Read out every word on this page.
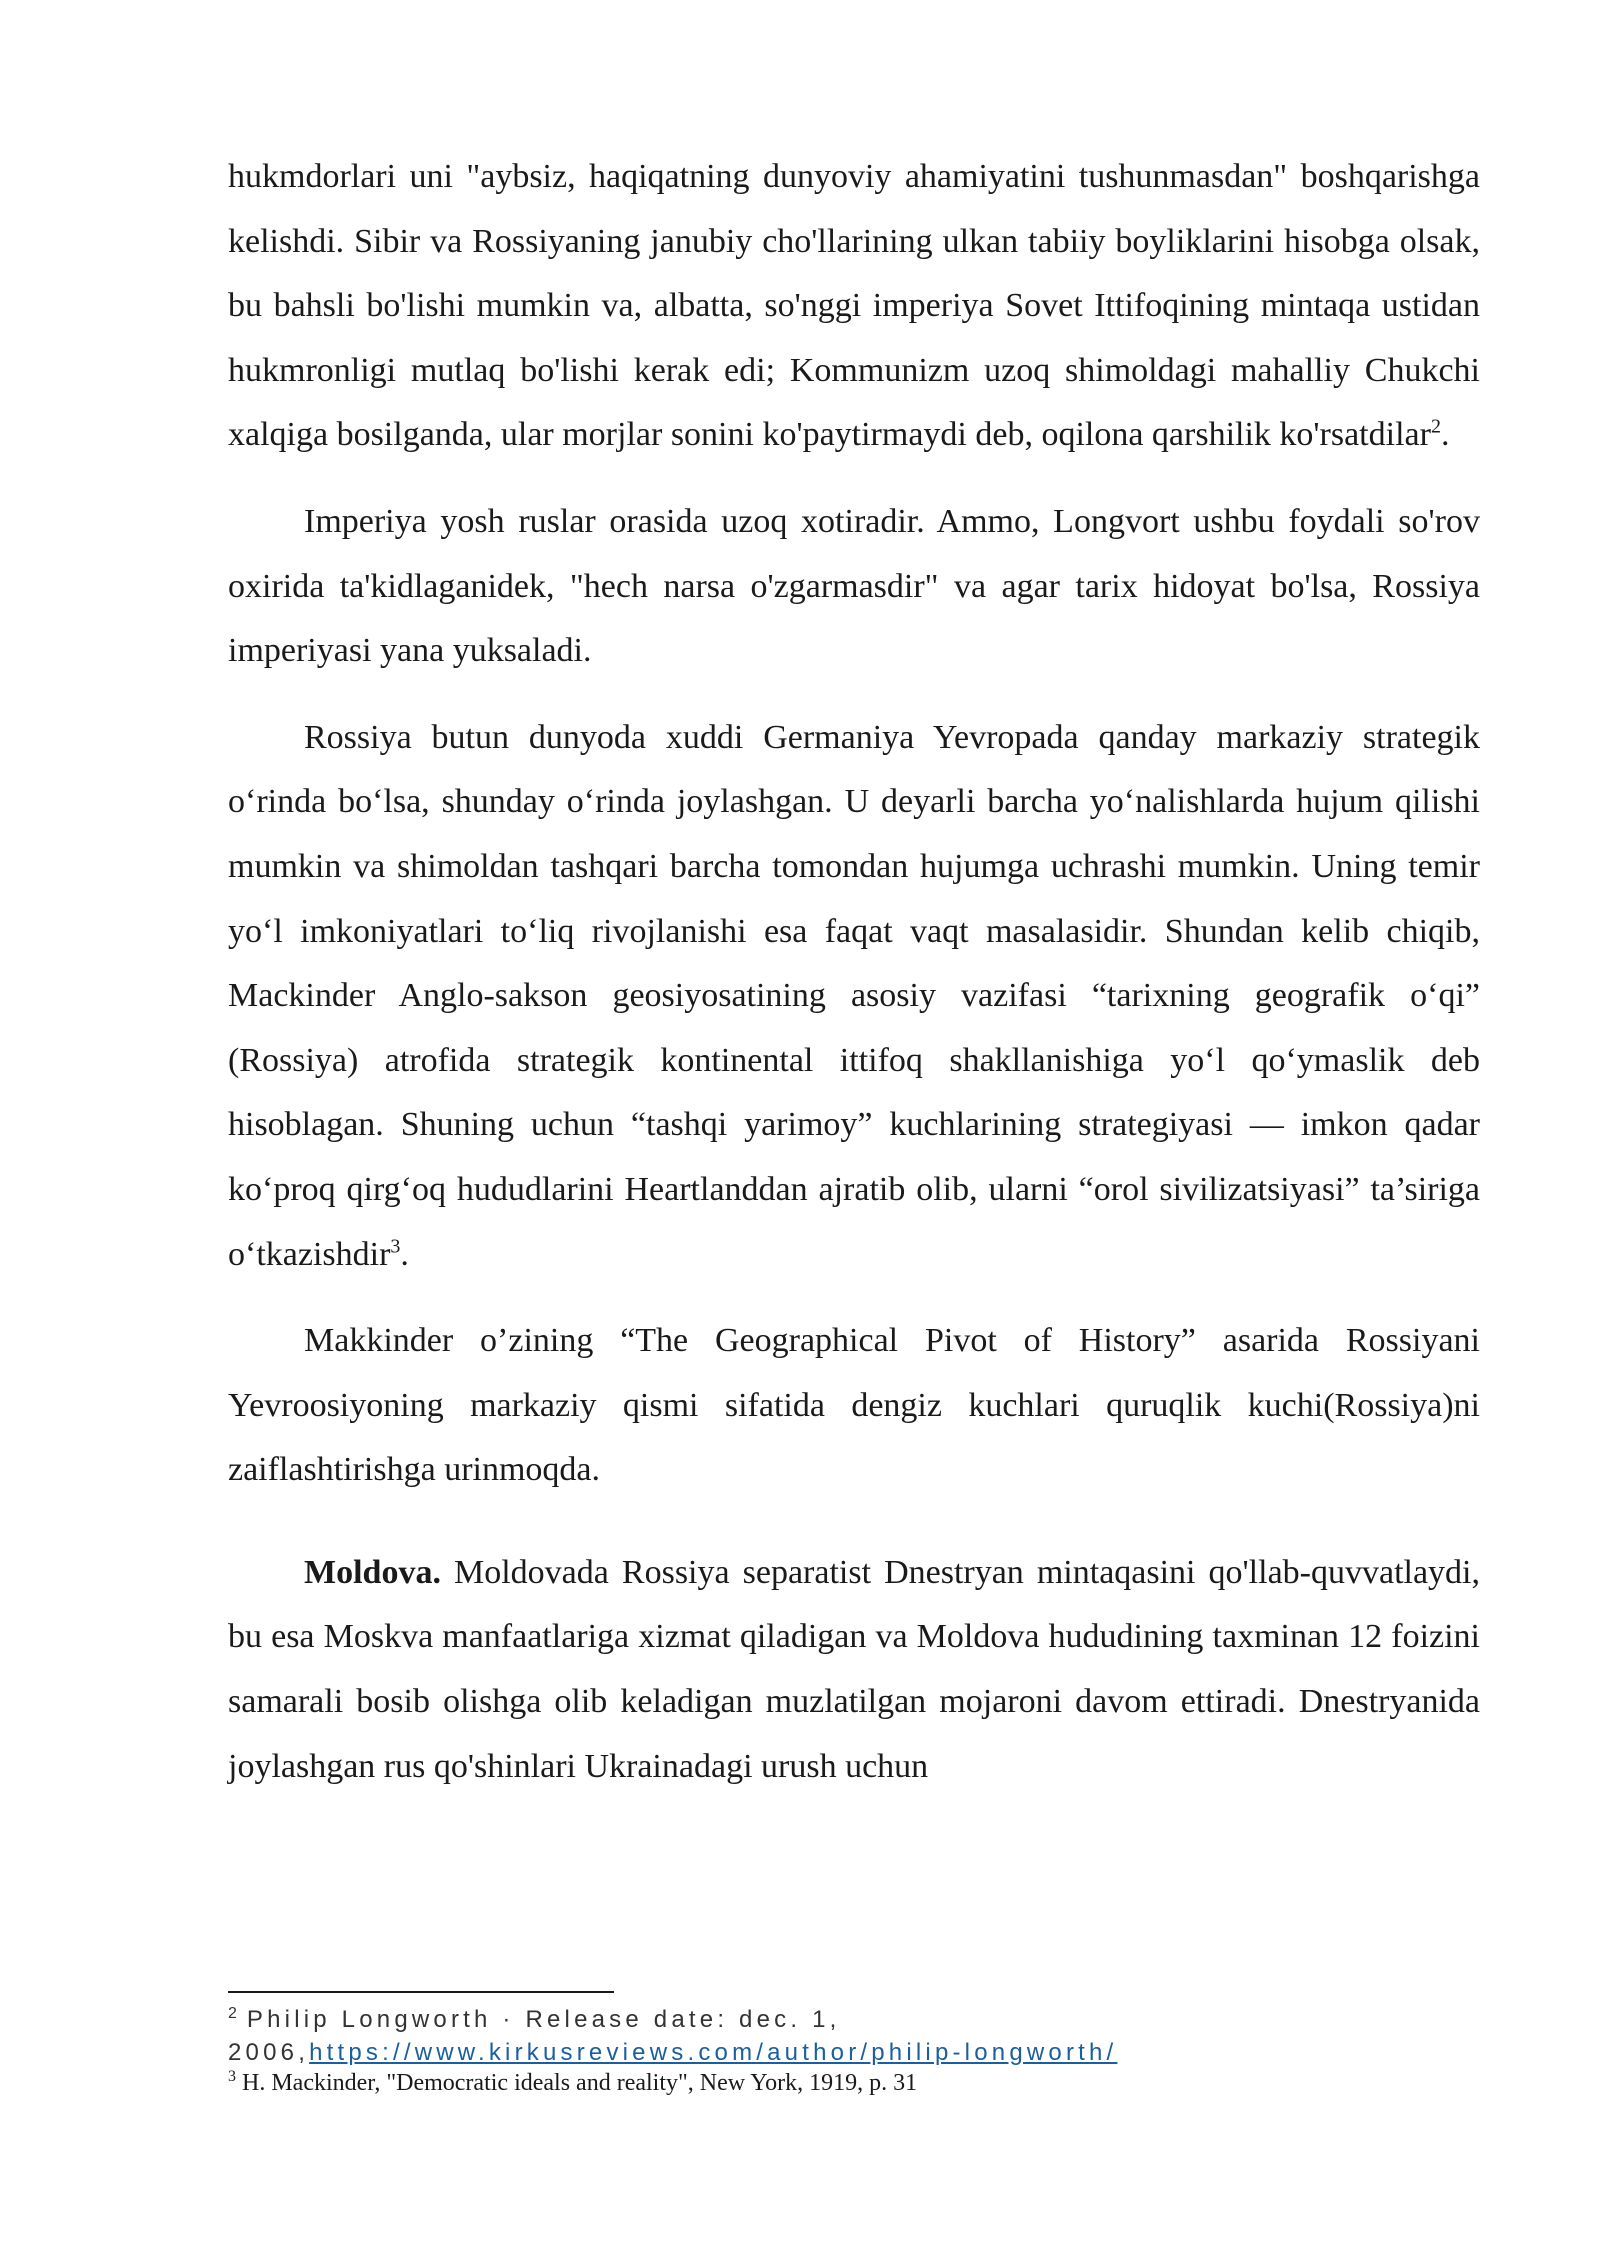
hukmdorlari uni "aybsiz, haqiqatning dunyoviy ahamiyatini tushunmasdan" boshqarishga kelishdi. Sibir va Rossiyaning janubiy cho'llarining ulkan tabiiy boyliklarini hisobga olsak, bu bahsli bo'lishi mumkin va, albatta, so'nggi imperiya Sovet Ittifoqining mintaqa ustidan hukmronligi mutlaq bo'lishi kerak edi; Kommunizm uzoq shimoldagi mahalliy Chukchi xalqiga bosilganda, ular morjlar sonini ko'paytirmaydi deb, oqilona qarshilik ko'rsatdilar$^2$.

Imperiya yosh ruslar orasida uzoq xotiradir. Ammo, Longvort ushbu foydali so'rov oxirida ta'kidlaganidek, "hech narsa o'zgarmasdir" va agar tarix hidoyat bo'lsa, Rossiya imperiyasi yana yuksaladi.

Rossiya butun dunyoda xuddi Germaniya Yevropada qanday markaziy strategik oʻrinda boʻlsa, shunday oʻrinda joylashgan. U deyarli barcha yoʻnalishlarda hujum qilishi mumkin va shimoldan tashqari barcha tomondan hujumga uchrashi mumkin. Uning temir yoʻl imkoniyatlari toʻliq rivojlanishi esa faqat vaqt masalasidir. Shundan kelib chiqib, Mackinder Anglo-sakson geosiyosatining asosiy vazifasi “tarixning geografik oʻqi” (Rossiya) atrofida strategik kontinental ittifoq shakllanishiga yoʻl qoʻymaslik deb hisoblagan. Shuning uchun “tashqi yarimoy” kuchlarining strategiyasi — imkon qadar koʻproq qirgʻoq hududlarini Heartlanddan ajratib olib, ularni “orol sivilizatsiyasi” ta’siriga oʻtkazishdir$^3$.

Makkinder o’zining “The Geographical Pivot of History” asarida Rossiyani Yevroosiyoning markaziy qismi sifatida dengiz kuchlari quruqlik kuchi(Rossiya)ni zaiflashtirishga urinmoqda.

Moldova. Moldovada Rossiya separatist Dnestryan mintaqasini qo'llab-quvvatlaydi, bu esa Moskva manfaatlariga xizmat qiladigan va Moldova hududining taxminan 12 foizini samarali bosib olishga olib keladigan muzlatilgan mojaroni davom ettiradi. Dnestryanida joylashgan rus qo'shinlari Ukrainadagi urush uchun

$^2$ Philip Longworth · Release date: dec. 1, 2006,https://www.kirkusreviews.com/author/philip-longworth/
$^3$ H. Mackinder, "Democratic ideals and reality", New York, 1919, p. 31
